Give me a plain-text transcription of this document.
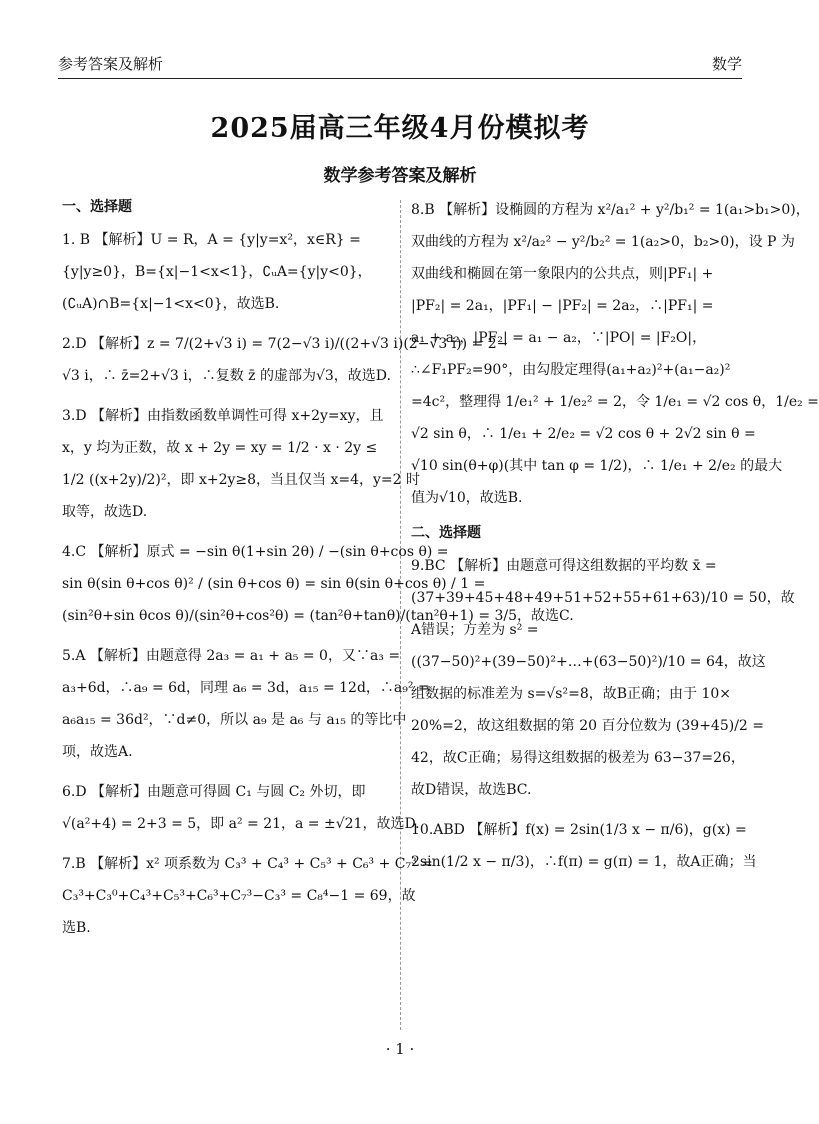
参考答案及解析	数学
2025届高三年级4月份模拟考
数学参考答案及解析
一、选择题
1. B 【解析】U = R，A = {y|y=x²，x∈R} =
{y|y≥0}，B={x|−1<x<1}，∁ᵤA={y|y<0}，
(∁ᵤA)∩B={x|−1<x<0}，故选B.
2.D 【解析】z = 7/(2+√3 i) = 7(2−√3 i)/((2+√3 i)(2−√3 i)) = 2−
√3 i，∴ z̄=2+√3 i，∴复数 z̄ 的虚部为√3，故选D.
3.D 【解析】由指数函数单调性可得 x+2y=xy，且
x，y 均为正数，故 x + 2y = xy = 1/2 · x · 2y ≤
1/2 ((x+2y)/2)²，即 x+2y≥8，当且仅当 x=4，y=2 时
取等，故选D.
4.C 【解析】原式 = −sin θ(1+sin 2θ) / −(sin θ+cos θ) =
sin θ(sin θ+cos θ)² / (sin θ+cos θ) = sin θ(sin θ+cos θ) / 1 =
(sin²θ+sin θcos θ)/(sin²θ+cos²θ) = (tan²θ+tanθ)/(tan²θ+1) = 3/5，故选C.
5.A 【解析】由题意得 2a₃ = a₁ + a₅ = 0，又∵a₃ =
a₃+6d，∴a₉ = 6d，同理 a₆ = 3d，a₁₅ = 12d，∴a₉² =
a₆a₁₅ = 36d²，∵d≠0，所以 a₉ 是 a₆ 与 a₁₅ 的等比中
项，故选A.
6.D 【解析】由题意可得圆 C₁ 与圆 C₂ 外切，即
√(a²+4) = 2+3 = 5，即 a² = 21，a = ±√21，故选D.
7.B 【解析】x² 项系数为 C₃³ + C₄³ + C₅³ + C₆³ + C₇³ =
C₃³+C₃⁰+C₄³+C₅³+C₆³+C₇³−C₃³ = C₈⁴−1 = 69，故
选B.
8.B 【解析】设椭圆的方程为 x²/a₁² + y²/b₁² = 1(a₁>b₁>0)，
双曲线的方程为 x²/a₂² − y²/b₂² = 1(a₂>0，b₂>0)，设 P 为
双曲线和椭圆在第一象限内的公共点，则|PF₁| +
|PF₂| = 2a₁，|PF₁| − |PF₂| = 2a₂，∴|PF₁| =
a₁ + a₂，|PF₂| = a₁ − a₂，∵|PO| = |F₂O|，
∴∠F₁PF₂=90°，由勾股定理得(a₁+a₂)²+(a₁−a₂)²
=4c²，整理得 1/e₁² + 1/e₂² = 2，令 1/e₁ = √2 cos θ，1/e₂ =
√2 sin θ，∴ 1/e₁ + 2/e₂ = √2 cos θ + 2√2 sin θ =
√10 sin(θ+φ)(其中 tan φ = 1/2)，∴ 1/e₁ + 2/e₂ 的最大
值为√10，故选B.
二、选择题
9.BC 【解析】由题意可得这组数据的平均数 x̄ =
(37+39+45+48+49+51+52+55+61+63)/10 = 50，故
A错误；方差为 s² =
((37−50)²+(39−50)²+…+(63−50)²)/10 = 64，故这
组数据的标准差为 s=√s²=8，故B正确；由于 10×
20%=2，故这组数据的第 20 百分位数为 (39+45)/2 =
42，故C正确；易得这组数据的极差为 63−37=26，
故D错误，故选BC.
10.ABD 【解析】f(x) = 2sin(1/3 x − π/6)，g(x) =
2sin(1/2 x − π/3)，∴f(π) = g(π) = 1，故A正确；当
· 1 ·
